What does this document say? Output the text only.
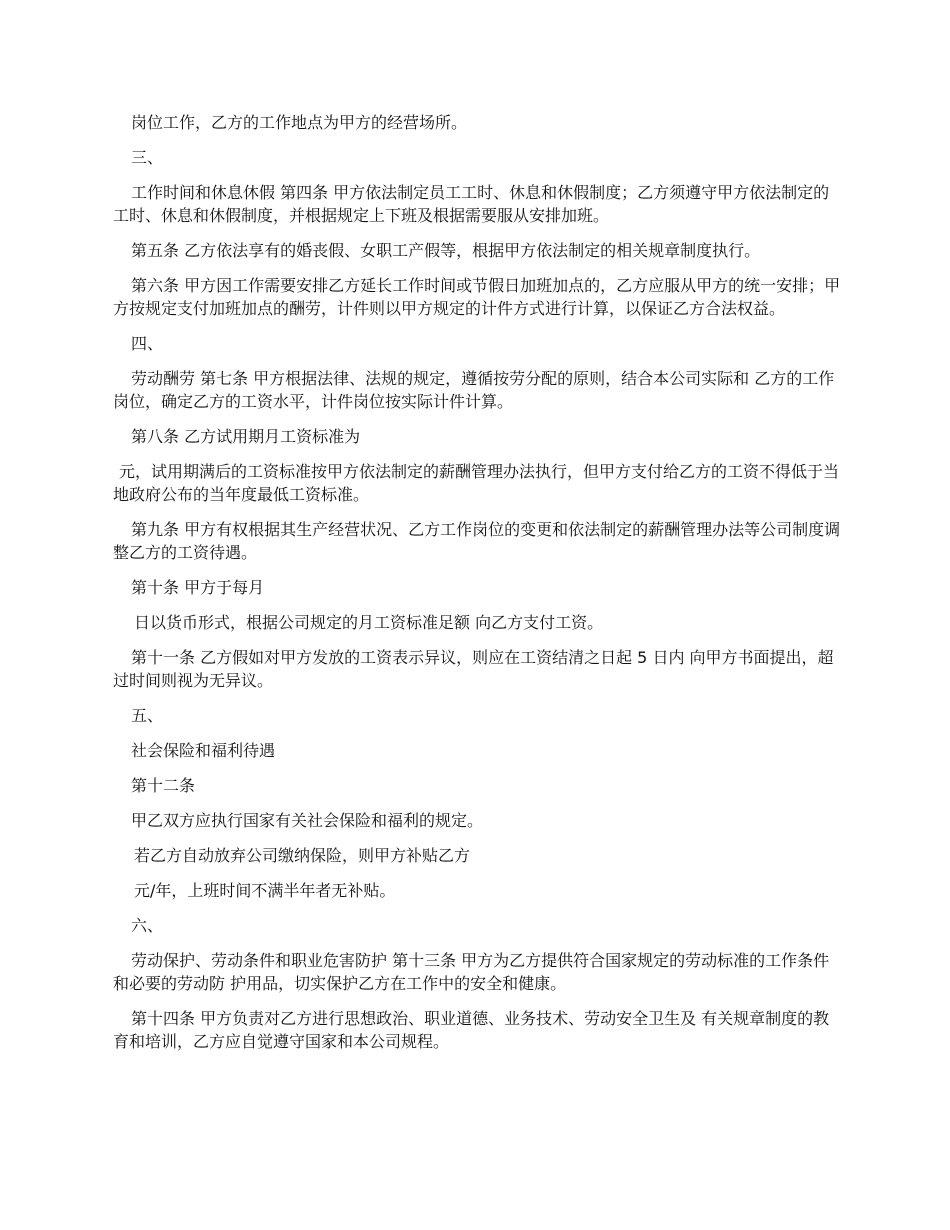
岗位工作，乙方的工作地点为甲方的经营场所。

三、

工作时间和休息休假 第四条 甲方依法制定员工工时、休息和休假制度；乙方须遵守甲方依法制定的工时、休息和休假制度，并根据规定上下班及根据需要服从安排加班。

第五条 乙方依法享有的婚丧假、女职工产假等，根据甲方依法制定的相关规章制度执行。

第六条 甲方因工作需要安排乙方延长工作时间或节假日加班加点的，乙方应服从甲方的统一安排；甲方按规定支付加班加点的酬劳，计件则以甲方规定的计件方式进行计算，以保证乙方合法权益。

四、

劳动酬劳 第七条 甲方根据法律、法规的规定，遵循按劳分配的原则，结合本公司实际和 乙方的工作岗位，确定乙方的工资水平，计件岗位按实际计件计算。

第八条 乙方试用期月工资标准为

元，试用期满后的工资标准按甲方依法制定的薪酬管理办法执行，但甲方支付给乙方的工资不得低于当地政府公布的当年度最低工资标准。

第九条 甲方有权根据其生产经营状况、乙方工作岗位的变更和依法制定的薪酬管理办法等公司制度调整乙方的工资待遇。

第十条 甲方于每月

日以货币形式，根据公司规定的月工资标准足额 向乙方支付工资。

第十一条 乙方假如对甲方发放的工资表示异议，则应在工资结清之日起 5 日内 向甲方书面提出，超过时间则视为无异议。

五、

社会保险和福利待遇

第十二条

甲乙双方应执行国家有关社会保险和福利的规定。

若乙方自动放弃公司缴纳保险，则甲方补贴乙方

元/年，上班时间不满半年者无补贴。

六、

劳动保护、劳动条件和职业危害防护 第十三条 甲方为乙方提供符合国家规定的劳动标准的工作条件和必要的劳动防 护用品，切实保护乙方在工作中的安全和健康。

第十四条 甲方负责对乙方进行思想政治、职业道德、业务技术、劳动安全卫生及 有关规章制度的教育和培训，乙方应自觉遵守国家和本公司规程。
